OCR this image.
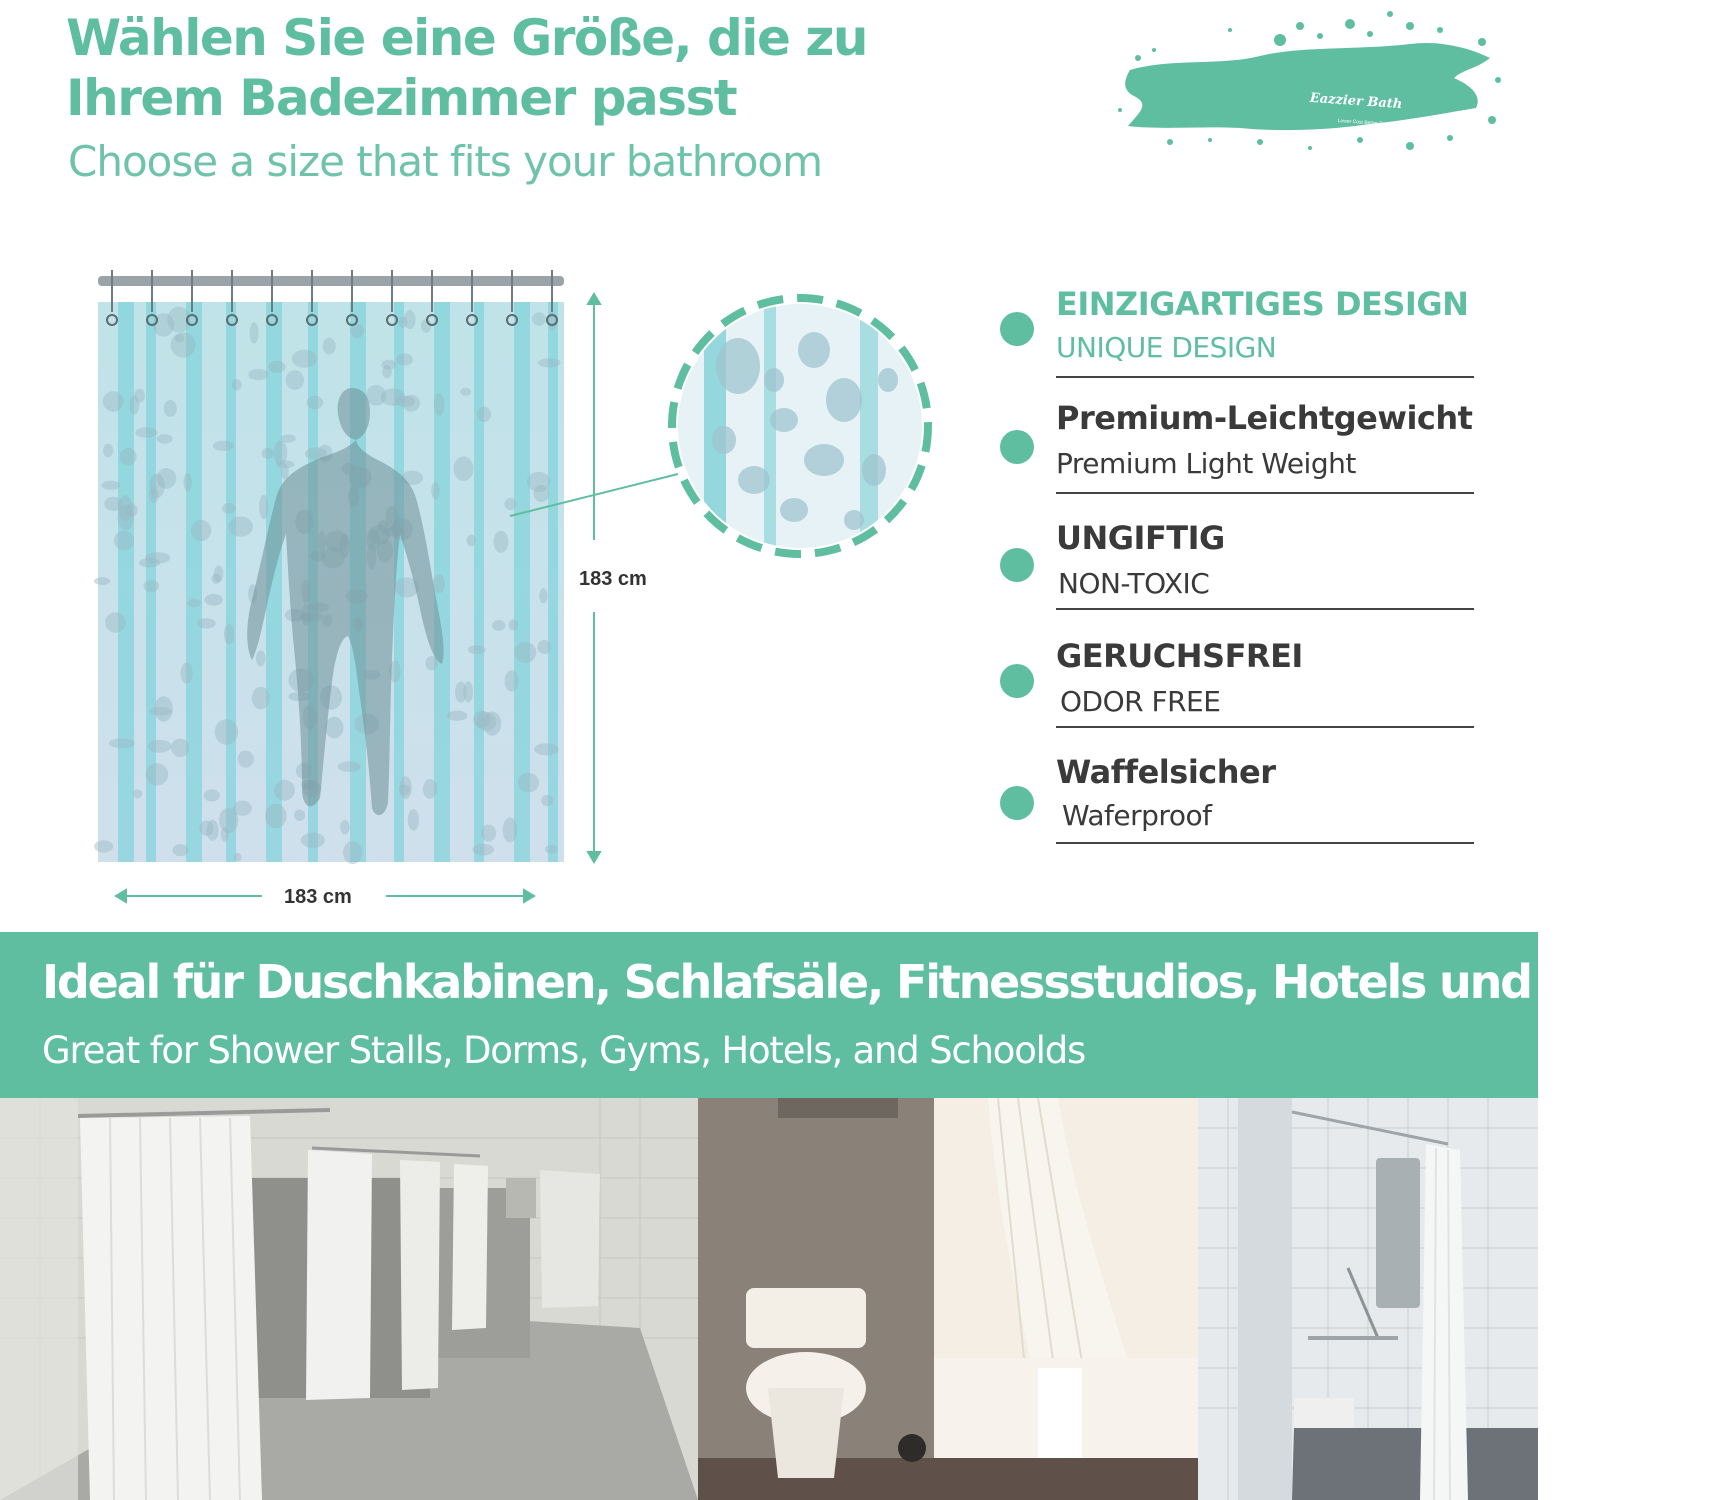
Wählen Sie eine Größe, die zu
Ihrem Badezimmer passt
Choose a size that fits your bathroom
Lower Cost Better Quality
Eazzier Bath
183 cm
183 cm
EINZIGARTIGES DESIGN
UNIQUE DESIGN
Premium-Leichtgewicht
Premium Light Weight
UNGIFTIG
NON-TOXIC
GERUCHSFREI
ODOR FREE
Waffelsicher
Waferproof
Ideal für Duschkabinen, Schlafsäle, Fitnessstudios, Hotels und Schulen
Great for Shower Stalls, Dorms, Gyms, Hotels, and Schoolds
